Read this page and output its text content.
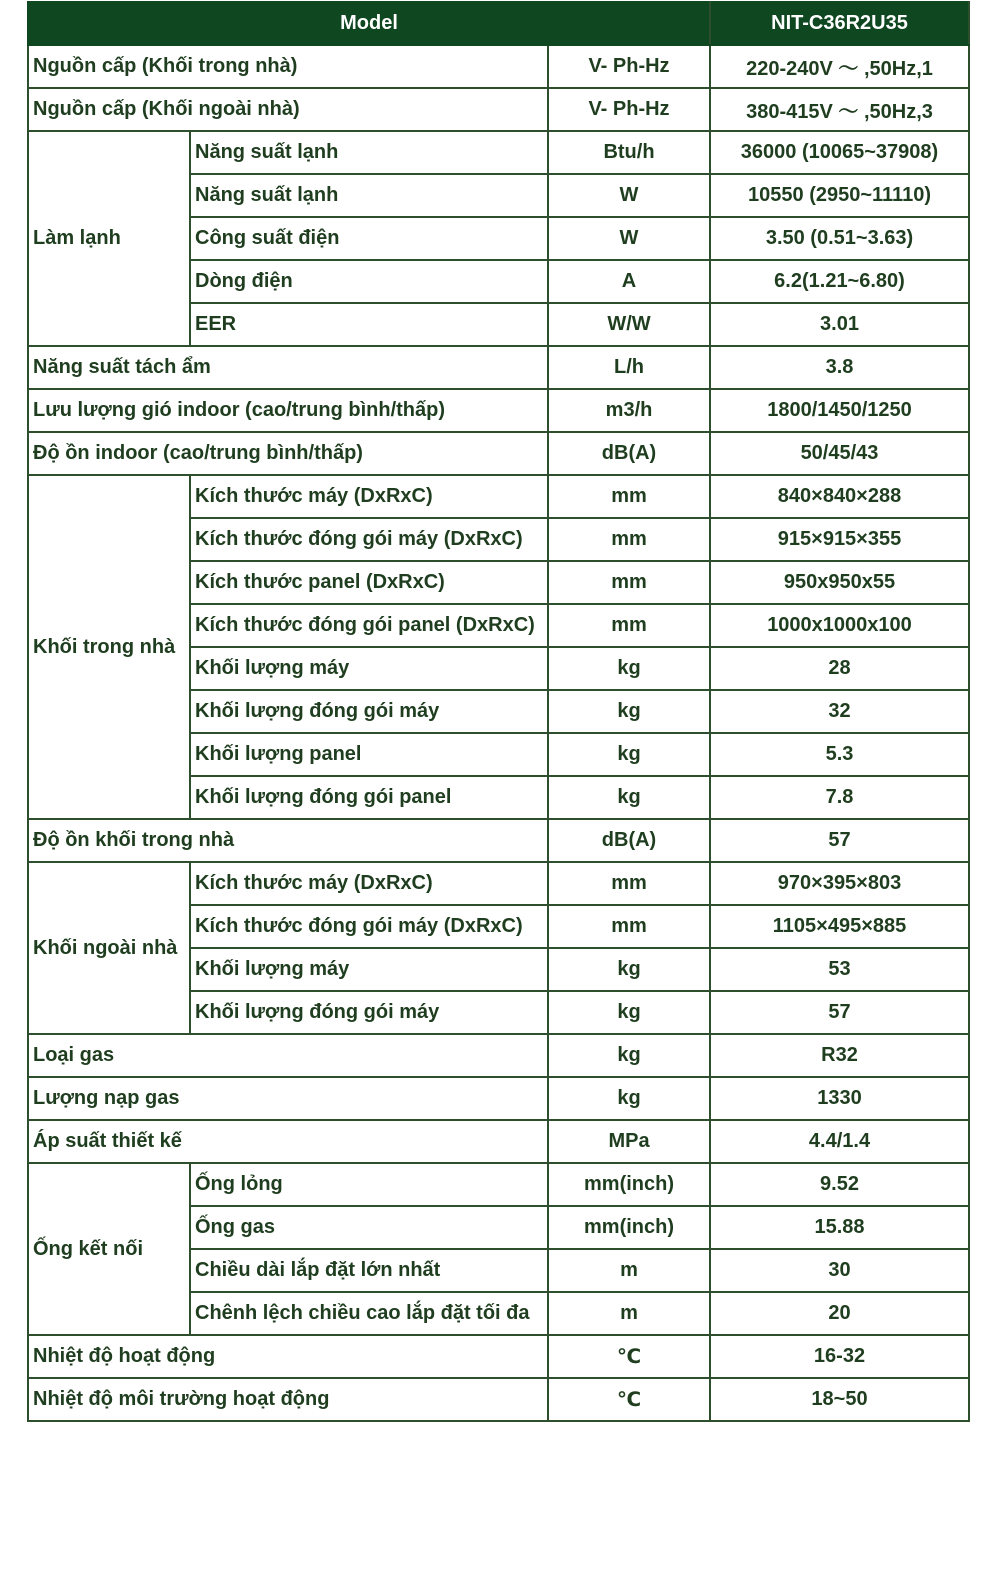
Model			NIT-C36R2U35
Nguồn cấp (Khối trong nhà)		V- Ph-Hz	220-240V ～ ,50Hz,1
Nguồn cấp (Khối ngoài nhà)		V- Ph-Hz	380-415V ～ ,50Hz,3
Làm lạnh	Năng suất lạnh	Btu/h	36000 (10065~37908)
	Năng suất lạnh	W	10550 (2950~11110)
	Công suất điện	W	3.50 (0.51~3.63)
	Dòng điện	A	6.2(1.21~6.80)
	EER	W/W	3.01
Năng suất tách ẩm		L/h	3.8
Lưu lượng gió indoor (cao/trung bình/thấp)		m3/h	1800/1450/1250
Độ ồn indoor (cao/trung bình/thấp)		dB(A)	50/45/43
Khối trong nhà	Kích thước máy (DxRxC)	mm	840×840×288
	Kích thước đóng gói máy (DxRxC)	mm	915×915×355
	Kích thước panel (DxRxC)	mm	950x950x55
	Kích thước đóng gói panel (DxRxC)	mm	1000x1000x100
	Khối lượng máy	kg	28
	Khối lượng đóng gói máy	kg	32
	Khối lượng panel	kg	5.3
	Khối lượng đóng gói panel	kg	7.8
Độ ồn khối trong nhà		dB(A)	57
Khối ngoài nhà	Kích thước máy (DxRxC)	mm	970×395×803
	Kích thước đóng gói máy (DxRxC)	mm	1105×495×885
	Khối lượng máy	kg	53
	Khối lượng đóng gói máy	kg	57
Loại gas		kg	R32
Lượng nạp gas		kg	1330
Áp suất thiết kế		MPa	4.4/1.4
Ống kết nối	Ống lỏng	mm(inch)	9.52
	Ống gas	mm(inch)	15.88
	Chiều dài lắp đặt lớn nhất	m	30
	Chênh lệch chiều cao lắp đặt tối đa	m	20
Nhiệt độ hoạt động		℃	16-32
Nhiệt độ môi trường hoạt động		℃	18~50
